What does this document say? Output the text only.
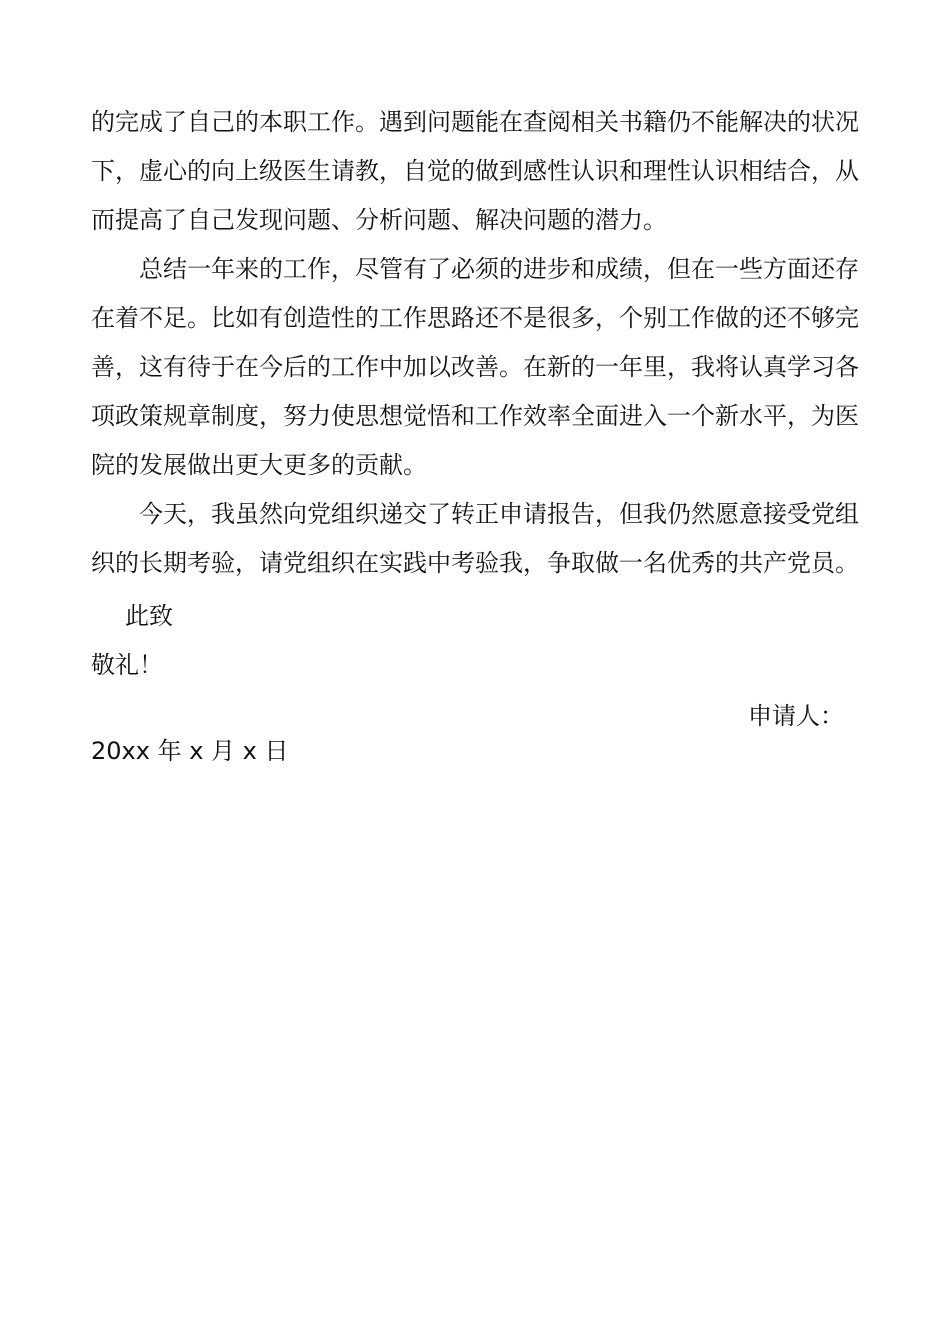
的完成了自己的本职工作。遇到问题能在查阅相关书籍仍不能解决的状况下，虚心的向上级医生请教，自觉的做到感性认识和理性认识相结合，从而提高了自己发现问题、分析问题、解决问题的潜力。

总结一年来的工作，尽管有了必须的进步和成绩，但在一些方面还存在着不足。比如有创造性的工作思路还不是很多，个别工作做的还不够完善，这有待于在今后的工作中加以改善。在新的一年里，我将认真学习各项政策规章制度，努力使思想觉悟和工作效率全面进入一个新水平，为医院的发展做出更大更多的贡献。

今天，我虽然向党组织递交了转正申请报告，但我仍然愿意接受党组织的长期考验，请党组织在实践中考验我，争取做一名优秀的共产党员。

此致
敬礼！
申请人：
20xx 年 x 月 x 日
